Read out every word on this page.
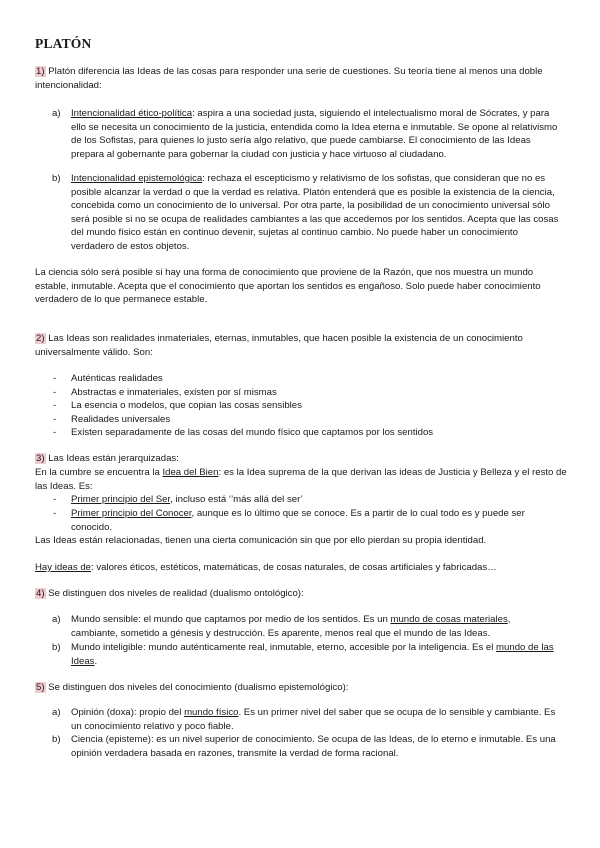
PLATÓN
1) Platón diferencia las Ideas de las cosas para responder una serie de cuestiones. Su teoría tiene al menos una doble intencionalidad:
a) Intencionalidad ético-política: aspira a una sociedad justa, siguiendo el intelectualismo moral de Sócrates, y para ello se necesita un conocimiento de la justicia, entendida como la Idea eterna e inmutable. Se opone al relativismo de los Sofistas, para quienes lo justo sería algo relativo, que puede cambiarse. El conocimiento de las Ideas prepara al gobernante para gobernar la ciudad con justicia y hace virtuoso al ciudadano.
b) Intencionalidad epistemológica: rechaza el escepticismo y relativismo de los sofistas, que consideran que no es posible alcanzar la verdad o que la verdad es relativa. Platón entenderá que es posible la existencia de la ciencia, concebida como un conocimiento de lo universal. Por otra parte, la posibilidad de un conocimiento universal sólo será posible si no se ocupa de realidades cambiantes a las que accedemos por los sentidos. Acepta que las cosas del mundo físico están en continuo devenir, sujetas al continuo cambio. No puede haber un conocimiento verdadero de estos objetos.
La ciencia sólo será posible si hay una forma de conocimiento que proviene de la Razón, que nos muestra un mundo estable, inmutable. Acepta que el conocimiento que aportan los sentidos es engañoso. Solo puede haber conocimiento verdadero de lo que permanece estable.
2) Las Ideas son realidades inmateriales, eternas, inmutables, que hacen posible la existencia de un conocimiento universalmente válido. Son:
- Auténticas realidades
- Abstractas e inmateriales, existen por sí mismas
- La esencia o modelos, que copian las cosas sensibles
- Realidades universales
- Existen separadamente de las cosas del mundo físico que captamos por los sentidos
3) Las Ideas están jerarquizadas:
En la cumbre se encuentra la Idea del Bien: es la Idea suprema de la que derivan las ideas de Justicia y Belleza y el resto de las Ideas. Es:
- Primer principio del Ser, incluso está ‘’más allá del ser’
- Primer principio del Conocer, aunque es lo último que se conoce. Es a partir de lo cual todo es y puede ser conocido.
Las Ideas están relacionadas, tienen una cierta comunicación sin que por ello pierdan su propia identidad.
Hay ideas de: valores éticos, estéticos, matemáticas, de cosas naturales, de cosas artificiales y fabricadas…
4) Se distinguen dos niveles de realidad (dualismo ontológico):
a) Mundo sensible: el mundo que captamos por medio de los sentidos. Es un mundo de cosas materiales, cambiante, sometido a génesis y destrucción. Es aparente, menos real que el mundo de las Ideas.
b) Mundo inteligible: mundo auténticamente real, inmutable, eterno, accesible por la inteligencia. Es el mundo de las Ideas.
5) Se distinguen dos niveles del conocimiento (dualismo epistemológico):
a) Opinión (doxa): propio del mundo físico. Es un primer nivel del saber que se ocupa de lo sensible y cambiante. Es un conocimiento relativo y poco fiable.
b) Ciencia (episteme): es un nivel superior de conocimiento. Se ocupa de las Ideas, de lo eterno e inmutable. Es una opinión verdadera basada en razones, transmite la verdad de forma racional.
